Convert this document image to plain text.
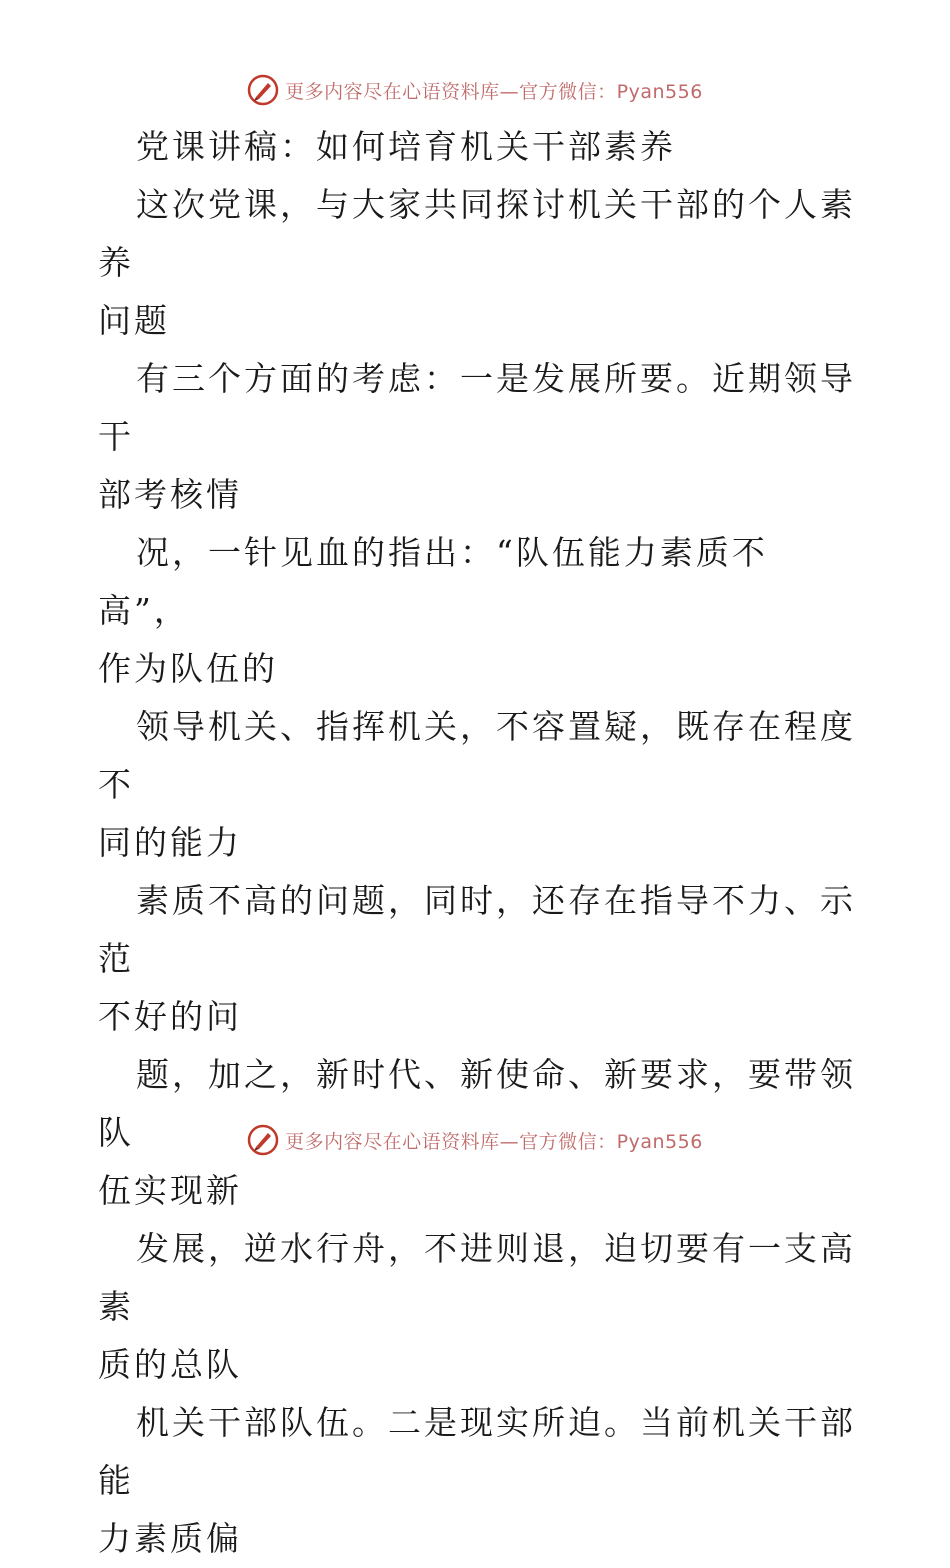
更多内容尽在心语资料库—官方微信：Pyan556

党课讲稿：如何培育机关干部素养

这次党课，与大家共同探讨机关干部的个人素养
问题

有三个方面的考虑：一是发展所要。近期领导干
部考核情

况，一针见血的指出：“队伍能力素质不高”，
作为队伍的

领导机关、指挥机关，不容置疑，既存在程度不
同的能力

素质不高的问题，同时，还存在指导不力、示范
不好的问

题，加之，新时代、新使命、新要求，要带领队
伍实现新

发展，逆水行舟，不进则退，迫切要有一支高素
质的总队

机关干部队伍。二是现实所迫。当前机关干部能
力素质偏

更多内容尽在心语资料库—官方微信：Pyan556
